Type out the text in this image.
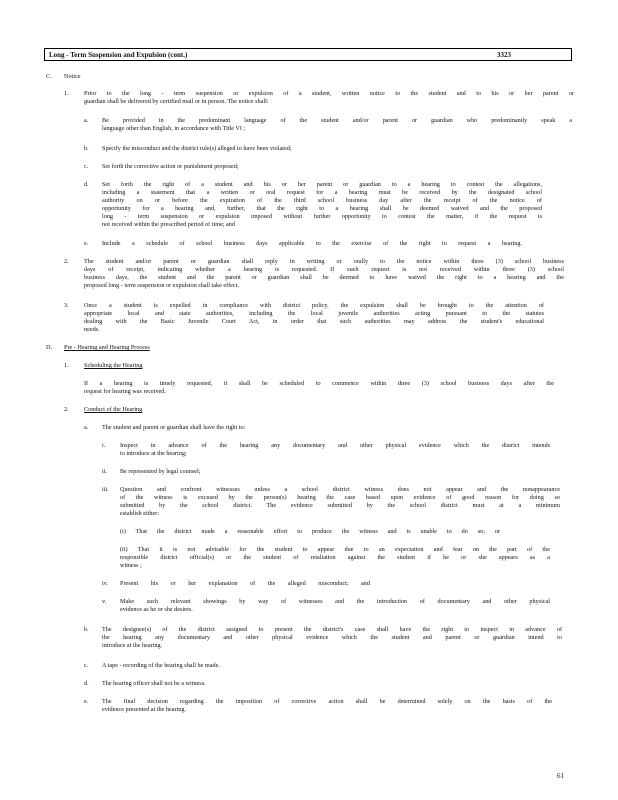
Long - Term Suspension and Expulsion (cont.)	3323
C. Notice
1. Prior to the long - term suspension or expulsion of a student, written notice to the student and to his or her parent or
guardian shall be delivered by certified mail or in person. The notice shall:
a. Be provided in the predominant language of the student and/or parent or guardian who predominantly speak a
language other than English, in accordance with Title VI ;
b. Specify the misconduct and the district rule(s) alleged to have been violated;
c. Set forth the corrective action or punishment proposed;
d. Set forth the right of a student and his or her parent or guardian to a hearing to contest the allegations,
including a statement that a written or oral request for a hearing must be received by the designated school
authority on or before the expiration of the third school business day after the receipt of the notice of
opportunity for a hearing and, further, that the right to a hearing shall be deemed waived and the proposed
long - term suspension or expulsion imposed without further opportunity to contest the matter, if the request is
not received within the prescribed period of time; and
e. Include a schedule of school business days applicable to the exercise of the right to request a hearing.
2. The student and/or parent or guardian shall reply in writing or orally to the notice within three (3) school business
days of receipt, indicating whether a hearing is requested. If such request is not received within three (3) school
business days, the student and the parent or guardian shall be deemed to have waived the right to a hearing and the
proposed long - term suspension or expulsion shall take effect.
3. Once a student is expelled in compliance with district policy, the expulsion shall be brought to the attention of
appropriate local and state authorities, including the local juvenile authorities acting pursuant to the statutes
dealing with the Basic Juvenile Court Act, in order that such authorities may address the student's educational
needs.
D. Pre - Hearing and Hearing Process
1. Scheduling the Hearing
If a hearing is timely requested, it shall be scheduled to commence within three (3) school business days after the
request for hearing was received.
2. Conduct of the Hearing
a. The student and parent or guardian shall have the right to:
i. Inspect in advance of the hearing any documentary and other physical evidence which the district intends
to introduce at the hearing;
ii. Be represented by legal counsel;
iii. Question and confront witnesses unless a school district witness does not appear and the nonappearance
of the witness is excused by the person(s) hearing the case based upon evidence of good reason for doing so
submitted by the school district. The evidence submitted by the school district must at a minimum
establish either:
(i) That the district made a reasonable effort to produce the witness and is unable to do so; or
(ii) That it is not advisable for the student to appear due to an expectation and fear on the part of the
responsible district official(s) or the student of retaliation against the student if he or she appears as a
witness ;
iv. Present his or her explanation of the alleged misconduct; and
v. Make such relevant showings by way of witnesses and the introduction of documentary and other physical
evidence as he or she desires.
b. The designee(s) of the district assigned to present the district's case shall have the right to inspect in advance of
the hearing any documentary and other physical evidence which the student and parent or guardian intend to
introduce at the hearing.
c. A tape - recording of the hearing shall be made.
d. The hearing officer shall not be a witness.
e. The final decision regarding the imposition of corrective action shall be determined solely on the basis of the
evidence presented at the hearing.
61
